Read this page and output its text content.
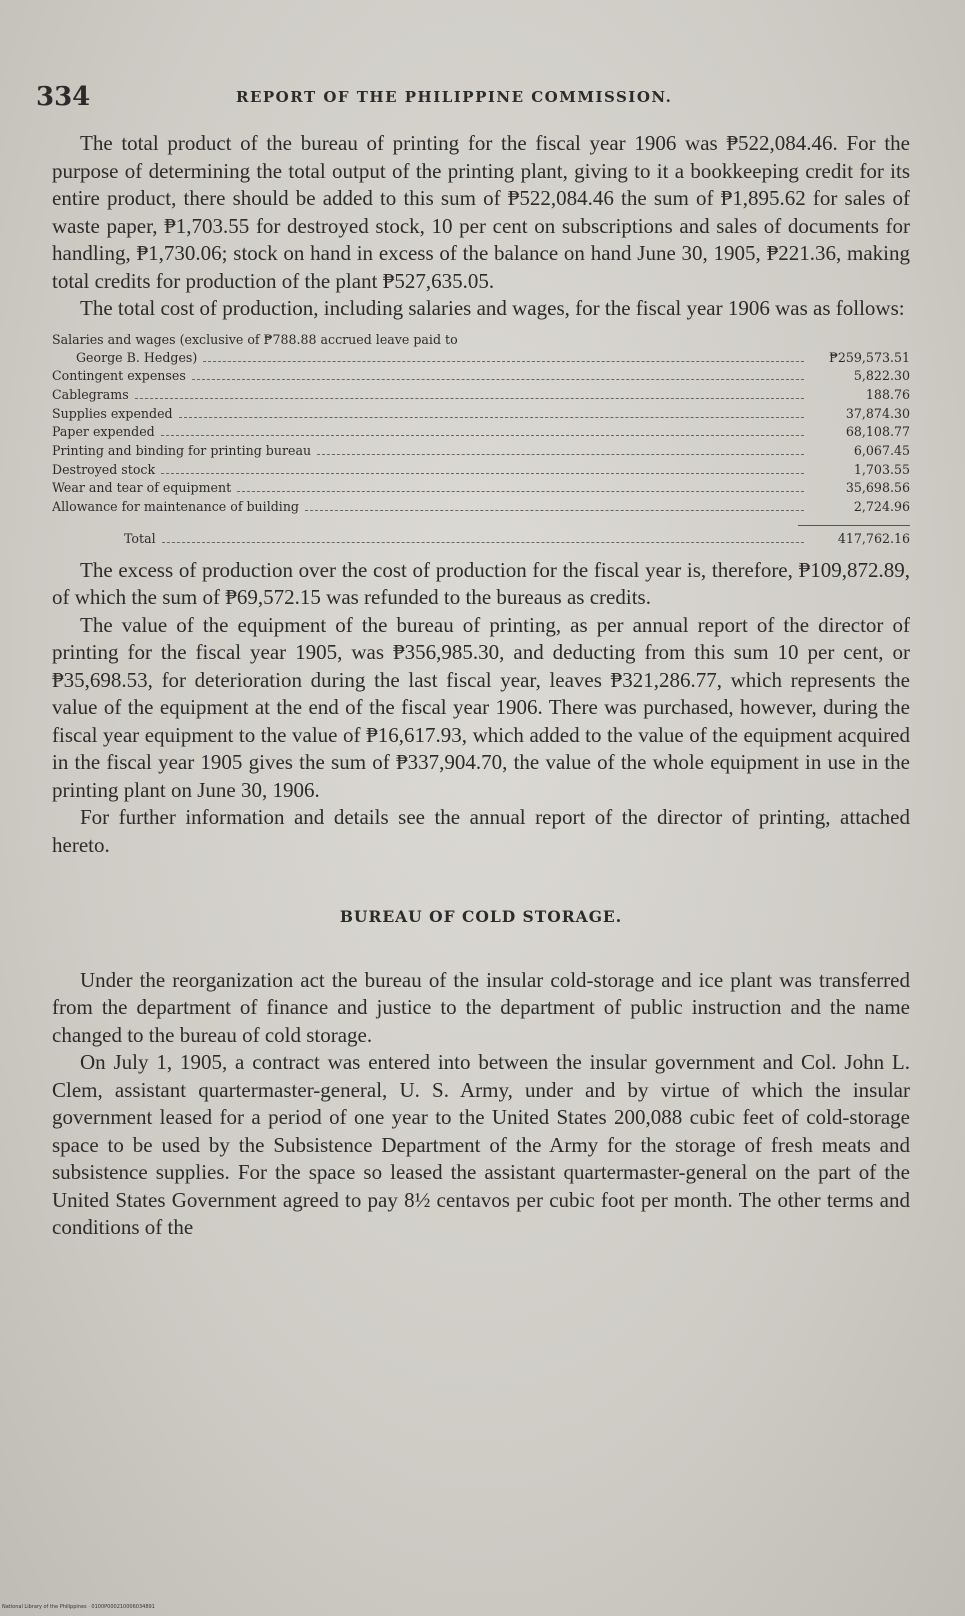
334	REPORT OF THE PHILIPPINE COMMISSION.

The total product of the bureau of printing for the fiscal year 1906 was ₱522,084.46. For the purpose of determining the total output of the printing plant, giving to it a bookkeeping credit for its entire product, there should be added to this sum of ₱522,084.46 the sum of ₱1,895.62 for sales of waste paper, ₱1,703.55 for destroyed stock, 10 per cent on subscriptions and sales of documents for handling, ₱1,730.06; stock on hand in excess of the balance on hand June 30, 1905, ₱221.36, making total credits for production of the plant ₱527,635.05.

The total cost of production, including salaries and wages, for the fiscal year 1906 was as follows:

Salaries and wages (exclusive of ₱788.88 accrued leave paid to
George B. Hedges)	₱259,573.51
Contingent expenses	5,822.30
Cablegrams	188.76
Supplies expended	37,874.30
Paper expended	68,108.77
Printing and binding for printing bureau	6,067.45
Destroyed stock	1,703.55
Wear and tear of equipment	35,698.56
Allowance for maintenance of building	2,724.96
Total	417,762.16

The excess of production over the cost of production for the fiscal year is, therefore, ₱109,872.89, of which the sum of ₱69,572.15 was refunded to the bureaus as credits.

The value of the equipment of the bureau of printing, as per annual report of the director of printing for the fiscal year 1905, was ₱356,985.30, and deducting from this sum 10 per cent, or ₱35,698.53, for deterioration during the last fiscal year, leaves ₱321,286.77, which represents the value of the equipment at the end of the fiscal year 1906. There was purchased, however, during the fiscal year equipment to the value of ₱16,617.93, which added to the value of the equipment acquired in the fiscal year 1905 gives the sum of ₱337,904.70, the value of the whole equipment in use in the printing plant on June 30, 1906.

For further information and details see the annual report of the director of printing, attached hereto.

BUREAU OF COLD STORAGE.

Under the reorganization act the bureau of the insular cold-storage and ice plant was transferred from the department of finance and justice to the department of public instruction and the name changed to the bureau of cold storage.

On July 1, 1905, a contract was entered into between the insular government and Col. John L. Clem, assistant quartermaster-general, U. S. Army, under and by virtue of which the insular government leased for a period of one year to the United States 200,088 cubic feet of cold-storage space to be used by the Subsistence Department of the Army for the storage of fresh meats and subsistence supplies. For the space so leased the assistant quartermaster-general on the part of the United States Government agreed to pay 8½ centavos per cubic foot per month. The other terms and conditions of the

National Library of the Philippines · 0100P000210006034891
